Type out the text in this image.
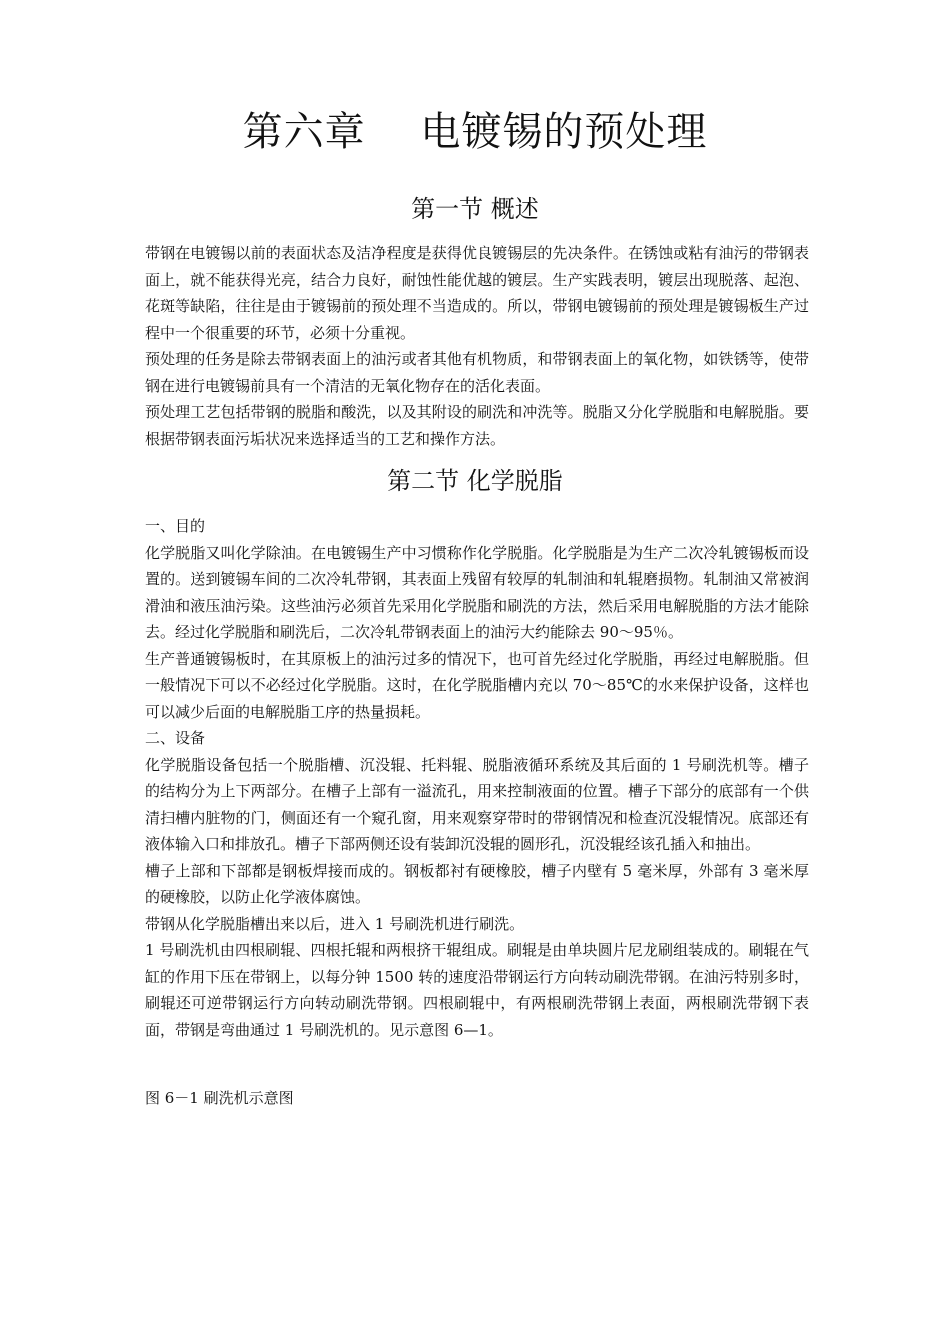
第六章　 电镀锡的预处理
第一节 概述

带钢在电镀锡以前的表面状态及洁净程度是获得优良镀锡层的先决条件。在锈蚀或粘有油污的带钢表面上，就不能获得光亮，结合力良好，耐蚀性能优越的镀层。生产实践表明，镀层出现脱落、起泡、花斑等缺陷，往往是由于镀锡前的预处理不当造成的。所以，带钢电镀锡前的预处理是镀锡板生产过程中一个很重要的环节，必须十分重视。

预处理的任务是除去带钢表面上的油污或者其他有机物质，和带钢表面上的氧化物，如铁锈等，使带钢在进行电镀锡前具有一个清洁的无氧化物存在的活化表面。

预处理工艺包括带钢的脱脂和酸洗，以及其附设的刷洗和冲洗等。脱脂又分化学脱脂和电解脱脂。要根据带钢表面污垢状况来选择适当的工艺和操作方法。

第二节 化学脱脂

一、目的

化学脱脂又叫化学除油。在电镀锡生产中习惯称作化学脱脂。化学脱脂是为生产二次冷轧镀锡板而设置的。送到镀锡车间的二次冷轧带钢，其表面上残留有较厚的轧制油和轧辊磨损物。轧制油又常被润滑油和液压油污染。这些油污必须首先采用化学脱脂和刷洗的方法，然后采用电解脱脂的方法才能除去。经过化学脱脂和刷洗后，二次冷轧带钢表面上的油污大约能除去 90～95％。

生产普通镀锡板时，在其原板上的油污过多的情况下，也可首先经过化学脱脂，再经过电解脱脂。但一般情况下可以不必经过化学脱脂。这时，在化学脱脂槽内充以 70～85℃的水来保护设备，这样也可以减少后面的电解脱脂工序的热量损耗。

二、设备

化学脱脂设备包括一个脱脂槽、沉没辊、托料辊、脱脂液循环系统及其后面的 1 号刷洗机等。槽子的结构分为上下两部分。在槽子上部有一溢流孔，用来控制液面的位置。槽子下部分的底部有一个供清扫槽内脏物的门，侧面还有一个窥孔窗，用来观察穿带时的带钢情况和检查沉没辊情况。底部还有液体输入口和排放孔。槽子下部两侧还设有装卸沉没辊的圆形孔，沉没辊经该孔插入和抽出。

槽子上部和下部都是钢板焊接而成的。钢板都衬有硬橡胶，槽子内壁有 5 毫米厚，外部有 3 毫米厚的硬橡胶，以防止化学液体腐蚀。

带钢从化学脱脂槽出来以后，进入 1 号刷洗机进行刷洗。

1 号刷洗机由四根刷辊、四根托辊和两根挤干辊组成。刷辊是由单块圆片尼龙刷组装成的。刷辊在气缸的作用下压在带钢上，以每分钟 1500 转的速度沿带钢运行方向转动刷洗带钢。在油污特别多时，刷辊还可逆带钢运行方向转动刷洗带钢。四根刷辊中，有两根刷洗带钢上表面，两根刷洗带钢下表面，带钢是弯曲通过 1 号刷洗机的。见示意图 6—1。

图 6－1 刷洗机示意图
